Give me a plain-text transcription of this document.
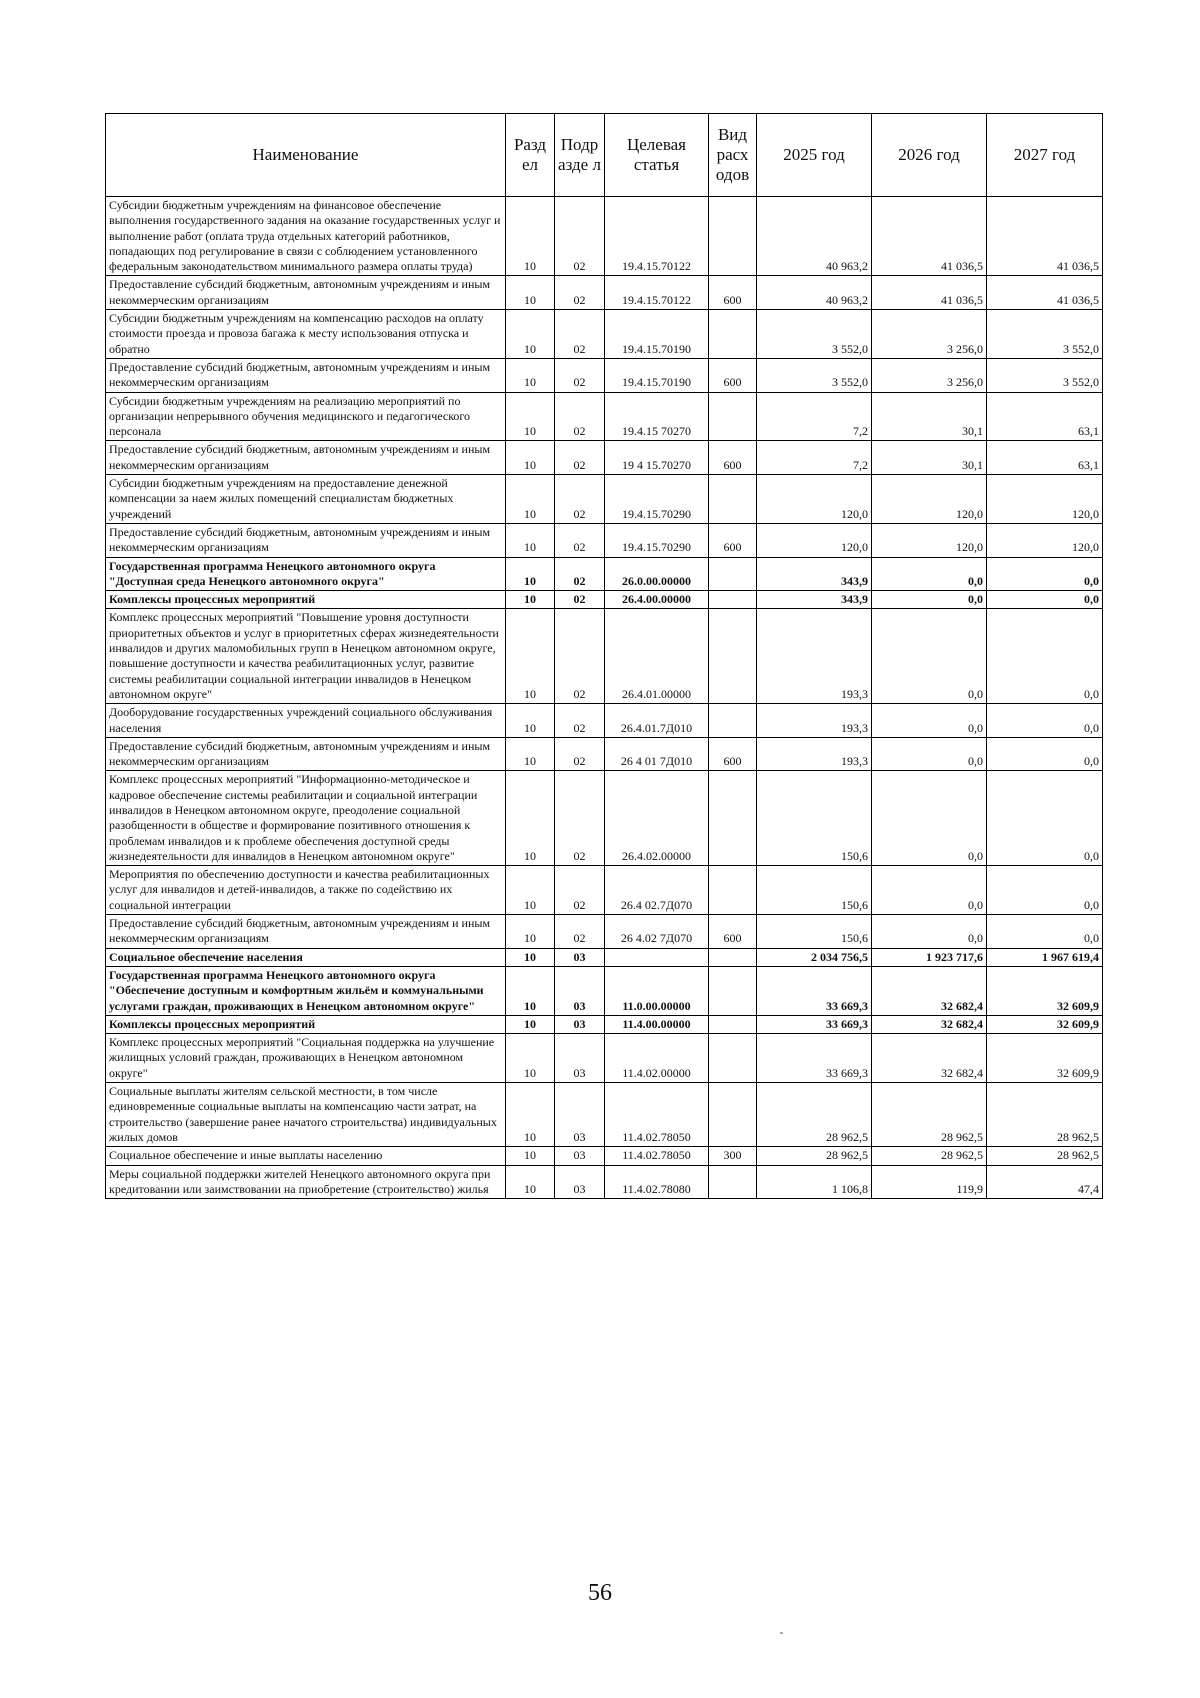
Наименование	Разд ел	Подр азде л	Целевая статья	Вид расх одов	2025 год	2026 год	2027 год
Субсидии бюджетным учреждениям на финансовое обеспечение выполнения государственного задания на оказание государственных услуг и выполнение работ (оплата труда отдельных категорий работников, попадающих под регулирование в связи с соблюдением установленного федеральным законодательством минимального размера оплаты труда)	10	02	19.4.15.70122		40 963,2	41 036,5	41 036,5
Предоставление субсидий бюджетным, автономным учреждениям и иным некоммерческим организациям	10	02	19.4.15.70122	600	40 963,2	41 036,5	41 036,5
Субсидии бюджетным учреждениям на компенсацию расходов на оплату стоимости проезда и провоза багажа к месту использования отпуска и обратно	10	02	19.4.15.70190		3 552,0	3 256,0	3 552,0
Предоставление субсидий бюджетным, автономным учреждениям и иным некоммерческим организациям	10	02	19.4.15.70190	600	3 552,0	3 256,0	3 552,0
Субсидии бюджетным учреждениям на реализацию мероприятий по организации непрерывного обучения медицинского и педагогического персонала	10	02	19.4.15 70270		7,2	30,1	63,1
Предоставление субсидий бюджетным, автономным учреждениям и иным некоммерческим организациям	10	02	19 4 15.70270	600	7,2	30,1	63,1
Субсидии бюджетным учреждениям на предоставление денежной компенсации за наем жилых помещений специалистам бюджетных учреждений	10	02	19.4.15.70290		120,0	120,0	120,0
Предоставление субсидий бюджетным, автономным учреждениям и иным некоммерческим организациям	10	02	19.4.15.70290	600	120,0	120,0	120,0
Государственная программа Ненецкого автономного округа "Доступная среда Ненецкого автономного округа"	10	02	26.0.00.00000		343,9	0,0	0,0
Комплексы процессных мероприятий	10	02	26.4.00.00000		343,9	0,0	0,0
Комплекс процессных мероприятий "Повышение уровня доступности приоритетных объектов и услуг в приоритетных сферах жизнедеятельности инвалидов и других маломобильных групп в Ненецком автономном округе, повышение доступности и качества реабилитационных услуг, развитие системы реабилитации социальной интеграции инвалидов в Ненецком автономном округе"	10	02	26.4.01.00000		193,3	0,0	0,0
Дооборудование государственных учреждений социального обслуживания населения	10	02	26.4.01.7Д010		193,3	0,0	0,0
Предоставление субсидий бюджетным, автономным учреждениям и иным некоммерческим организациям	10	02	26 4 01 7Д010	600	193,3	0,0	0,0
Комплекс процессных мероприятий "Информационно-методическое и кадровое обеспечение системы реабилитации и социальной интеграции инвалидов в Ненецком автономном округе, преодоление социальной разобщенности в обществе и формирование позитивного отношения к проблемам инвалидов и к проблеме обеспечения доступной среды жизнедеятельности для инвалидов в Ненецком автономном округе"	10	02	26.4.02.00000		150,6	0,0	0,0
Мероприятия по обеспечению доступности и качества реабилитационных услуг для инвалидов и детей-инвалидов, а также по содействию их социальной интеграции	10	02	26.4 02.7Д070		150,6	0,0	0,0
Предоставление субсидий бюджетным, автономным учреждениям и иным некоммерческим организациям	10	02	26 4.02 7Д070	600	150,6	0,0	0,0
Социальное обеспечение населения	10	03			2 034 756,5	1 923 717,6	1 967 619,4
Государственная программа Ненецкого автономного округа "Обеспечение доступным и комфортным жильём и коммунальными услугами граждан, проживающих в Ненецком автономном округе"	10	03	11.0.00.00000		33 669,3	32 682,4	32 609,9
Комплексы процессных мероприятий	10	03	11.4.00.00000		33 669,3	32 682,4	32 609,9
Комплекс процессных мероприятий "Социальная поддержка на улучшение жилищных условий граждан, проживающих в Ненецком автономном округе"	10	03	11.4.02.00000		33 669,3	32 682,4	32 609,9
Социальные выплаты жителям сельской местности, в том числе единовременные социальные выплаты на компенсацию части затрат, на строительство (завершение ранее начатого строительства) индивидуальных жилых домов	10	03	11.4.02.78050		28 962,5	28 962,5	28 962,5
Социальное обеспечение и иные выплаты населению	10	03	11.4.02.78050	300	28 962,5	28 962,5	28 962,5
Меры социальной поддержки жителей Ненецкого автономного округа при кредитовании или заимствовании на приобретение (строительство) жилья	10	03	11.4.02.78080		1 106,8	119,9	47,4
56
